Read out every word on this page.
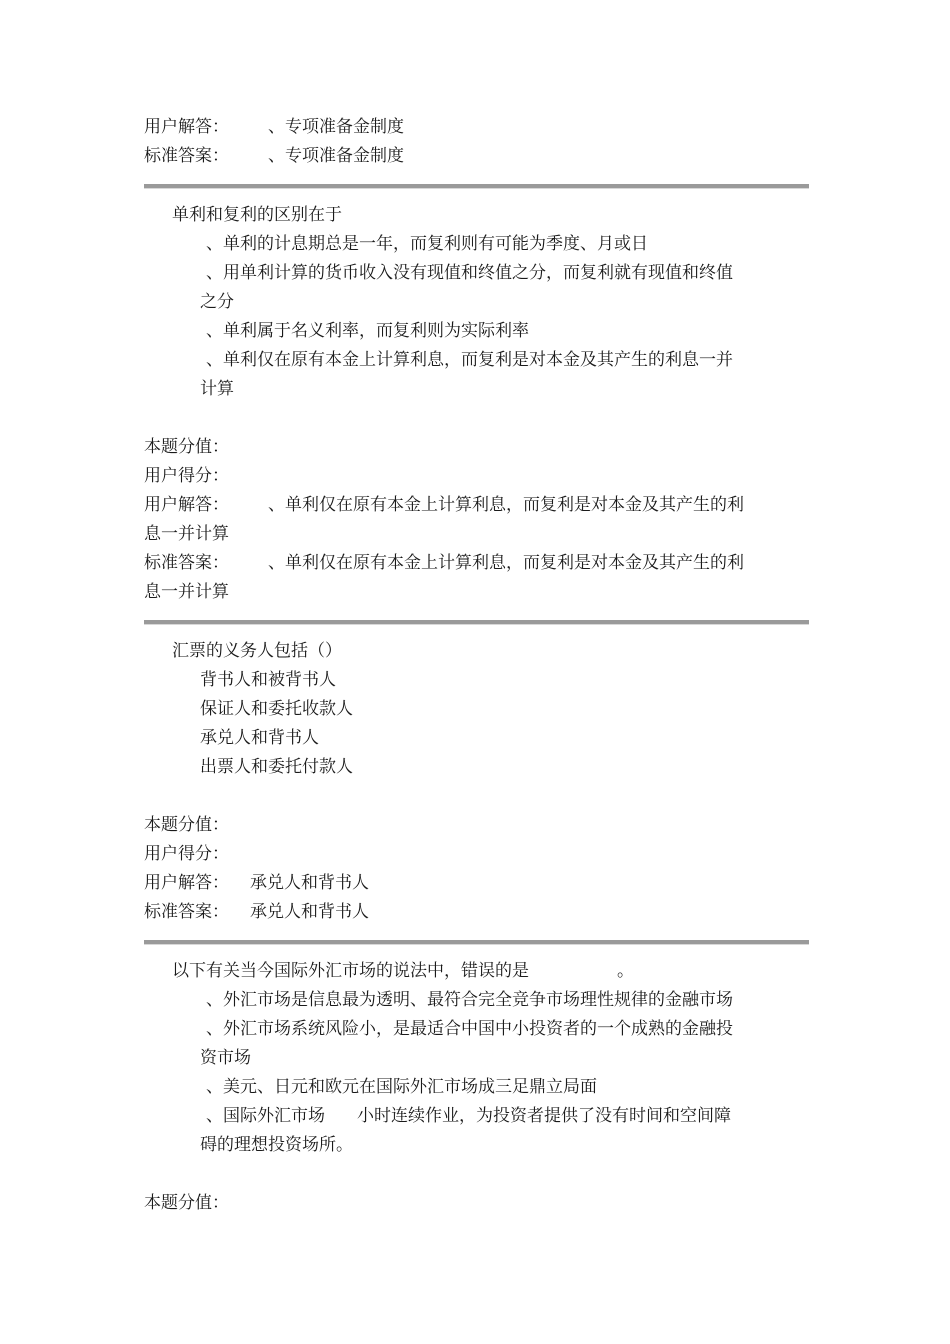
用户解答： 、专项准备金制度
标准答案： 、专项准备金制度
单利和复利的区别在于
、单利的计息期总是一年，而复利则有可能为季度、月或日
、用单利计算的货币收入没有现值和终值之分，而复利就有现值和终值
之分
、单利属于名义利率，而复利则为实际利率
、单利仅在原有本金上计算利息，而复利是对本金及其产生的利息一并
计算
本题分值：
用户得分：
用户解答： 、单利仅在原有本金上计算利息，而复利是对本金及其产生的利
息一并计算
标准答案： 、单利仅在原有本金上计算利息，而复利是对本金及其产生的利
息一并计算
汇票的义务人包括（）
背书人和被背书人
保证人和委托收款人
承兑人和背书人
出票人和委托付款人
本题分值：
用户得分：
用户解答： 承兑人和背书人
标准答案： 承兑人和背书人
以下有关当今国际外汇市场的说法中，错误的是	。
、外汇市场是信息最为透明、最符合完全竞争市场理性规律的金融市场
、外汇市场系统风险小，是最适合中国中小投资者的一个成熟的金融投
资市场
、美元、日元和欧元在国际外汇市场成三足鼎立局面
、国际外汇市场 小时连续作业，为投资者提供了没有时间和空间障
碍的理想投资场所。
本题分值：
